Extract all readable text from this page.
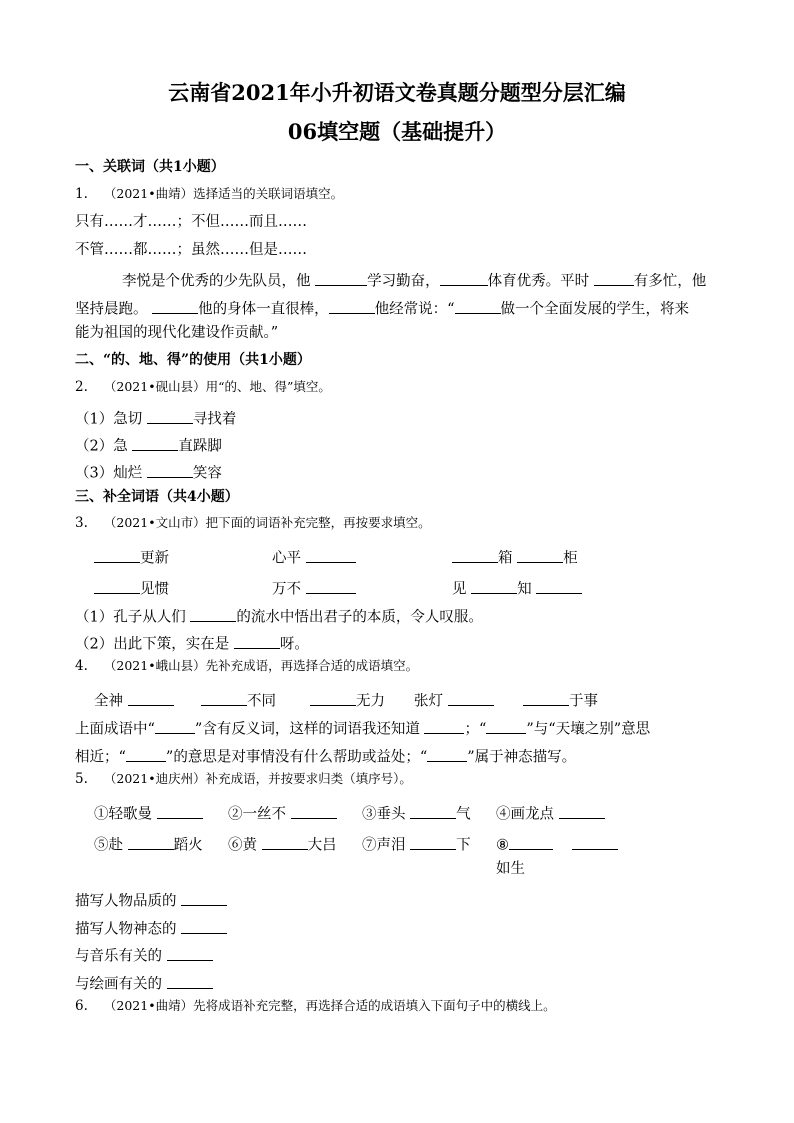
云南省2021年小升初语文卷真题分题型分层汇编
06填空题（基础提升）
一、关联词（共1小题）
1. （2021•曲靖）选择适当的关联词语填空。
只有……才……；不但……而且……
不管……都……；虽然……但是……
李悦是个优秀的少先队员，他	学习勤奋，	体育优秀。平时	有多忙，他
坚持晨跑。	他的身体一直很棒，	他经常说：“	做一个全面发展的学生，将来
能为祖国的现代化建设作贡献。”
二、“的、地、得”的使用（共1小题）
2. （2021•砚山县）用“的、地、得”填空。
（1）急切	寻找着
（2）急	直跺脚
（3）灿烂	笑容
三、补全词语（共4小题）
3. （2021•文山市）把下面的词语补充完整，再按要求填空。
更新	心平	箱	柜
见惯	万不	见	知
（1）孔子从人们	的流水中悟出君子的本质，令人叹服。
（2）出此下策，实在是	呀。
4. （2021•峨山县）先补充成语，再选择合适的成语填空。
全神	不同	无力 张灯	于事
上面成语中“	”含有反义词，这样的词语我还知道	；“	”与“天壤之别”意思
相近；“	”的意思是对事情没有什么帮助或益处；“	”属于神态描写。
5. （2021•迪庆州）补充成语，并按要求归类（填序号）。
①轻歌曼	②一丝不	③垂头	气 ④画龙点
⑤赴	蹈火 ⑥黄	大吕 ⑦声泪	下 ⑧
如生
描写人物品质的
描写人物神态的
与音乐有关的
与绘画有关的
6. （2021•曲靖）先将成语补充完整，再选择合适的成语填入下面句子中的横线上。
